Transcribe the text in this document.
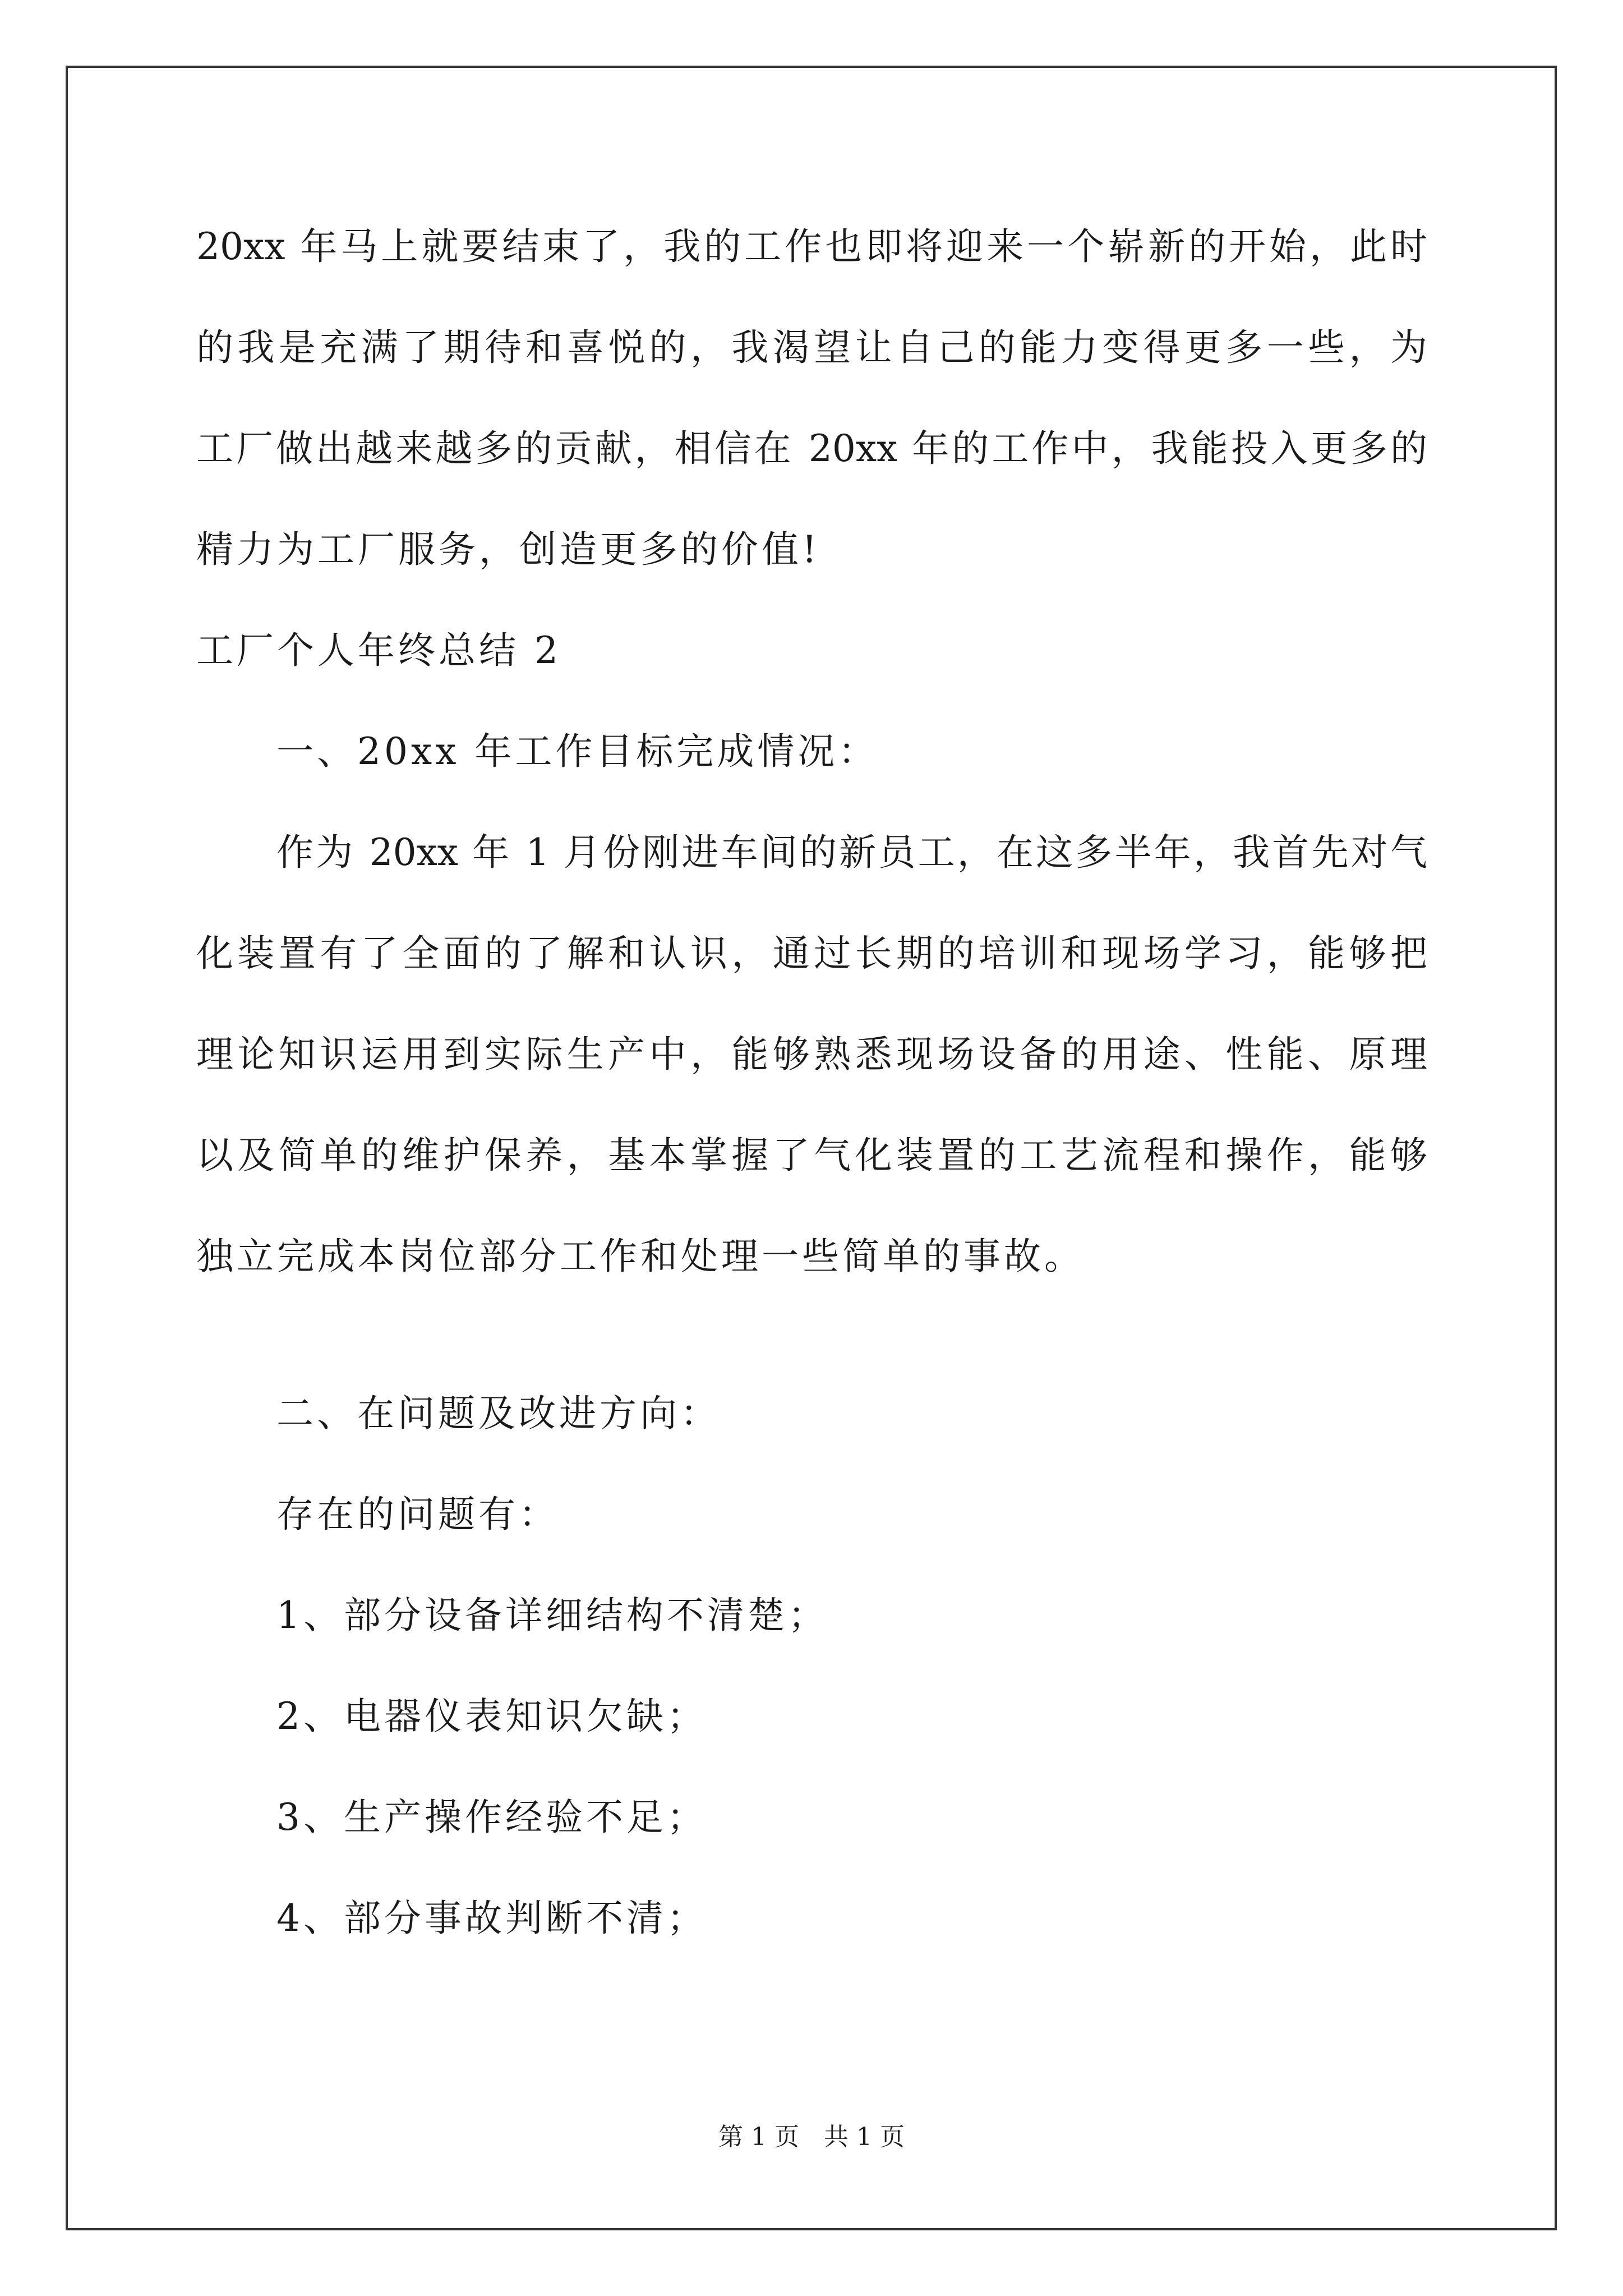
20xx 年马上就要结束了，我的工作也即将迎来一个崭新的开始，此时
的我是充满了期待和喜悦的，我渴望让自己的能力变得更多一些，为
工厂做出越来越多的贡献，相信在 20xx 年的工作中，我能投入更多的
精力为工厂服务，创造更多的价值!
工厂个人年终总结 2
一、20xx 年工作目标完成情况：
作为 20xx 年 1 月份刚进车间的新员工，在这多半年，我首先对气
化装置有了全面的了解和认识，通过长期的培训和现场学习，能够把
理论知识运用到实际生产中，能够熟悉现场设备的用途、性能、原理
以及简单的维护保养，基本掌握了气化装置的工艺流程和操作，能够
独立完成本岗位部分工作和处理一些简单的事故。
二、在问题及改进方向：
存在的问题有：
1、部分设备详细结构不清楚；
2、电器仪表知识欠缺；
3、生产操作经验不足；
4、部分事故判断不清；
第 1 页　共 1 页
